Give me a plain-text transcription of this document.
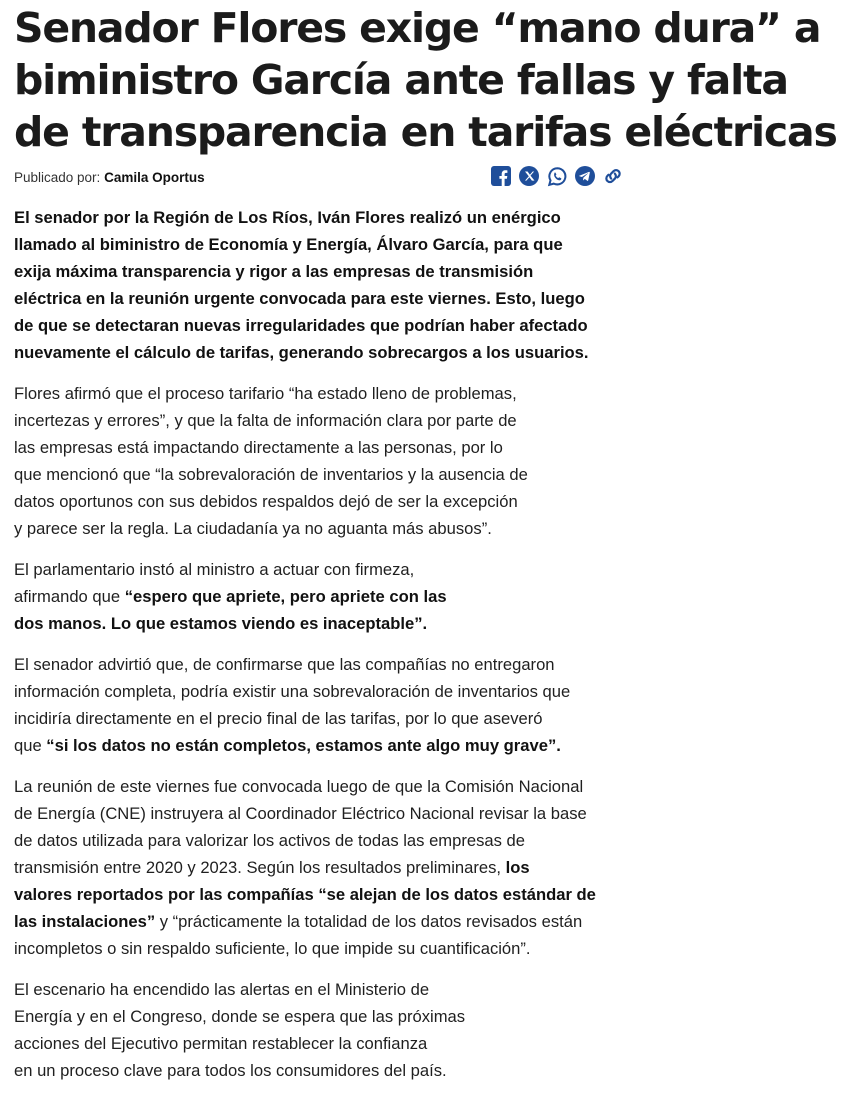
Senador Flores exige “mano dura” a
biministro García ante fallas y falta
de transparencia en tarifas eléctricas
Publicado por: Camila Oportus

El senador por la Región de Los Ríos, Iván Flores realizó un enérgico
llamado al biministro de Economía y Energía, Álvaro García, para que
exija máxima transparencia y rigor a las empresas de transmisión
eléctrica en la reunión urgente convocada para este viernes. Esto, luego
de que se detectaran nuevas irregularidades que podrían haber afectado
nuevamente el cálculo de tarifas, generando sobrecargos a los usuarios.

Flores afirmó que el proceso tarifario “ha estado lleno de problemas,
incertezas y errores”, y que la falta de información clara por parte de
las empresas está impactando directamente a las personas, por lo
que mencionó que “la sobrevaloración de inventarios y la ausencia de
datos oportunos con sus debidos respaldos dejó de ser la excepción
y parece ser la regla. La ciudadanía ya no aguanta más abusos”.

El parlamentario instó al ministro a actuar con firmeza,
afirmando que “espero que apriete, pero apriete con las
dos manos. Lo que estamos viendo es inaceptable”.

El senador advirtió que, de confirmarse que las compañías no entregaron
información completa, podría existir una sobrevaloración de inventarios que
incidiría directamente en el precio final de las tarifas, por lo que aseveró
que “si los datos no están completos, estamos ante algo muy grave”.

La reunión de este viernes fue convocada luego de que la Comisión Nacional
de Energía (CNE) instruyera al Coordinador Eléctrico Nacional revisar la base
de datos utilizada para valorizar los activos de todas las empresas de
transmisión entre 2020 y 2023. Según los resultados preliminares, los
valores reportados por las compañías “se alejan de los datos estándar de
las instalaciones” y “prácticamente la totalidad de los datos revisados están
incompletos o sin respaldo suficiente, lo que impide su cuantificación”.

El escenario ha encendido las alertas en el Ministerio de
Energía y en el Congreso, donde se espera que las próximas
acciones del Ejecutivo permitan restablecer la confianza
en un proceso clave para todos los consumidores del país.
